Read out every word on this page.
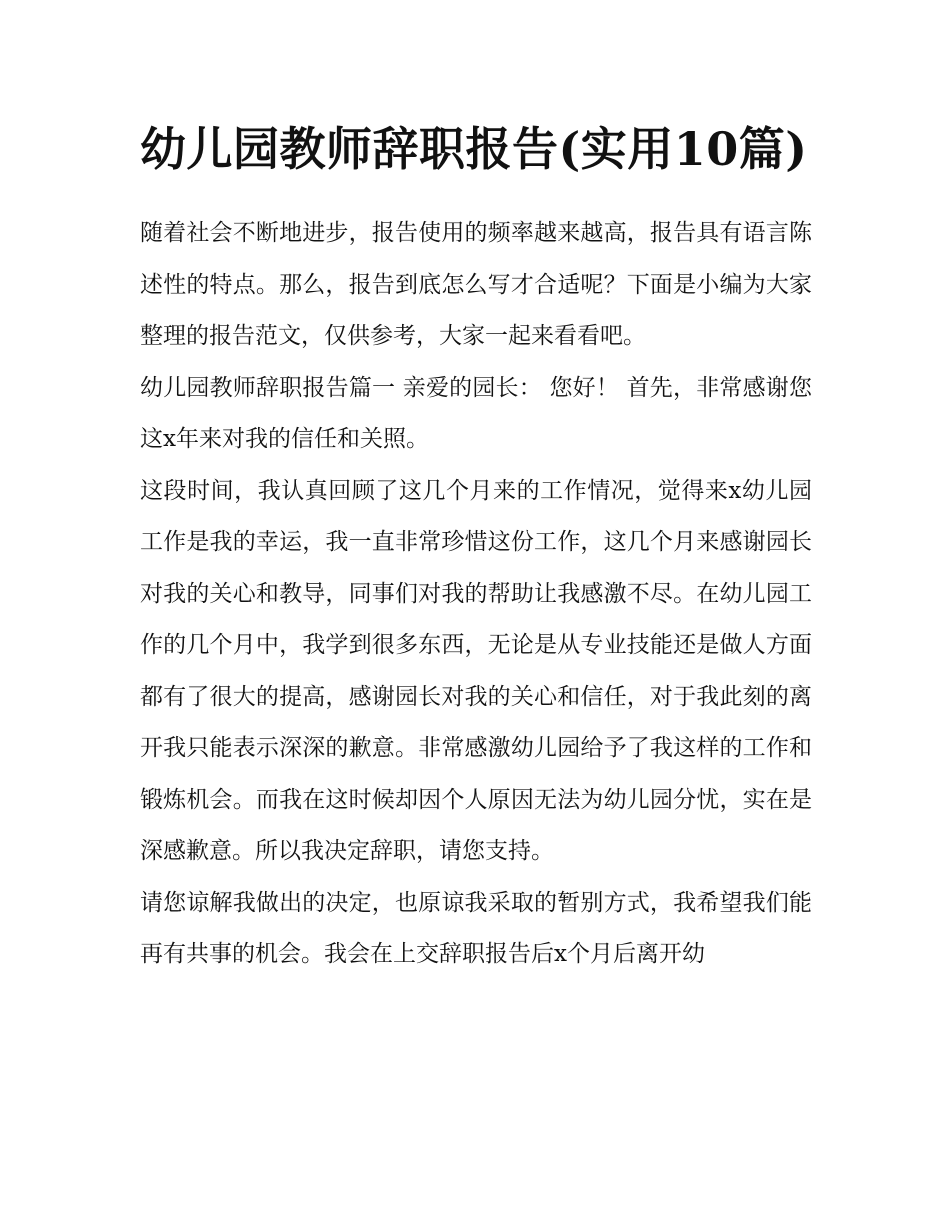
幼儿园教师辞职报告(实用10篇)

随着社会不断地进步，报告使用的频率越来越高，报告具有语言陈述性的特点。那么，报告到底怎么写才合适呢？下面是小编为大家整理的报告范文，仅供参考，大家一起来看看吧。

幼儿园教师辞职报告篇一 亲爱的园长： 您好！ 首先，非常感谢您这x年来对我的信任和关照。

这段时间，我认真回顾了这几个月来的工作情况，觉得来x幼儿园工作是我的幸运，我一直非常珍惜这份工作，这几个月来感谢园长对我的关心和教导，同事们对我的帮助让我感激不尽。在幼儿园工作的几个月中，我学到很多东西，无论是从专业技能还是做人方面都有了很大的提高，感谢园长对我的关心和信任，对于我此刻的离开我只能表示深深的歉意。非常感激幼儿园给予了我这样的工作和锻炼机会。而我在这时候却因个人原因无法为幼儿园分忧，实在是深感歉意。所以我决定辞职，请您支持。

请您谅解我做出的决定，也原谅我采取的暂别方式，我希望我们能再有共事的机会。我会在上交辞职报告后x个月后离开幼
